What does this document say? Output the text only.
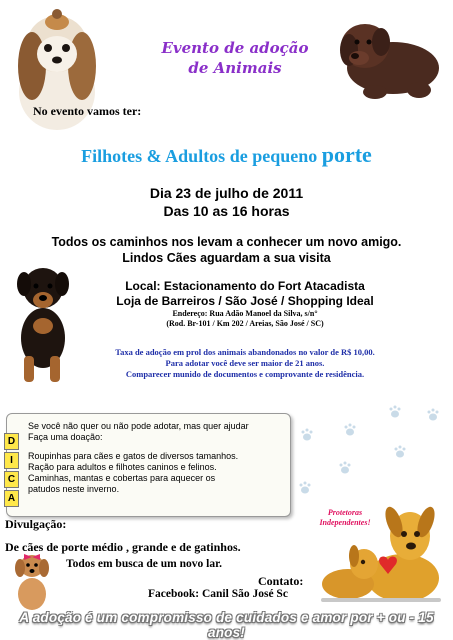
Evento de adoção
de Animais
No evento vamos ter:
Filhotes & Adultos de pequeno porte
Dia 23 de julho de 2011
Das 10 as 16 horas
Todos os caminhos nos levam a conhecer um novo amigo.
Lindos Cães aguardam a sua visita
Local: Estacionamento do Fort Atacadista
Loja de Barreiros / São José / Shopping Ideal
Endereço: Rua Adão Manoel da Silva, s/n°
(Rod. Br-101 / Km 202 / Areias, São José / SC)
Taxa de adoção em prol dos animais abandonados no valor de R$ 10,00.
Para adotar você deve ser maior de 21 anos.
Comparecer munido de documentos e comprovante de residência.
D
I
C
A

Se você não quer ou não pode adotar, mas quer ajudar

Faça uma doação:

Roupinhas para cães e gatos de diversos tamanhos.

Ração para adultos e filhotes caninos e felinos.

Caminhas, mantas e cobertas para aquecer os

patudos neste inverno.

Divulgação:
De cães de porte médio , grande e de gatinhos.
Todos em busca de um novo lar.
Contato:
Facebook: Canil São José Sc
Protetoras
Independentes!
A adoção é um compromisso de cuidados e amor por + ou - 15 anos!
